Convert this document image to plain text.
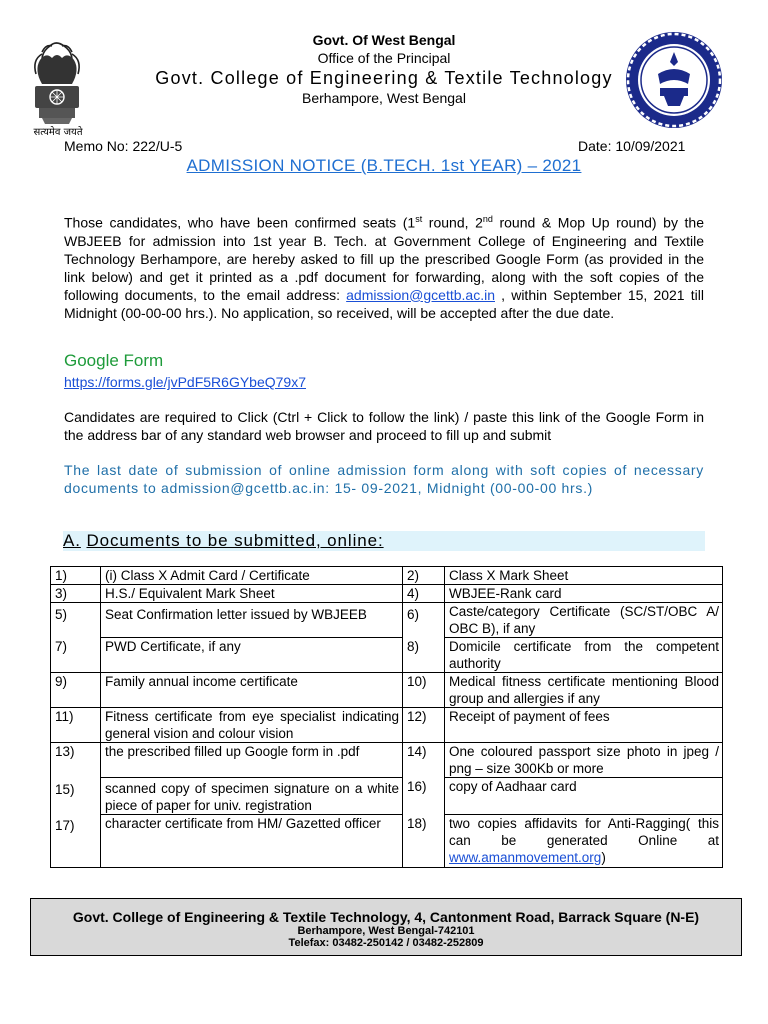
Govt. Of West Bengal
Office of the Principal
Govt. College of Engineering & Textile Technology
Berhampore, West Bengal
सत्यमेव जयते
Memo No: 222/U-5	Date: 10/09/2021
ADMISSION NOTICE (B.TECH. 1st YEAR) – 2021
Those candidates, who have been confirmed seats (1st round, 2nd round & Mop Up round) by the WBJEEB for admission into 1st year B. Tech. at Government College of Engineering and Textile Technology Berhampore, are hereby asked to fill up the prescribed Google Form (as provided in the link below) and get it printed as a .pdf document for forwarding, along with the soft copies of the following documents, to the email address: admission@gcettb.ac.in , within September 15, 2021 till Midnight (00-00-00 hrs.). No application, so received, will be accepted after the due date.
Google Form
https://forms.gle/jvPdF5R6GYbeQ79x7
Candidates are required to Click (Ctrl + Click to follow the link) / paste this link of the Google Form in the address bar of any standard web browser and proceed to fill up and submit
The last date of submission of online admission form along with soft copies of necessary documents to admission@gcettb.ac.in: 15- 09-2021, Midnight (00-00-00 hrs.)
A. Documents to be submitted, online:
1)	(i) Class X Admit Card / Certificate	2)	Class X Mark Sheet
3)	H.S./ Equivalent Mark Sheet	4)	WBJEE-Rank card
5)	Seat Confirmation letter issued by WBJEEB	6)	Caste/category Certificate (SC/ST/OBC A/ OBC B), if any
7)	PWD Certificate, if any	8)	Domicile certificate from the competent authority
9)	Family annual income certificate	10)	Medical fitness certificate mentioning Blood group and allergies if any
11)	Fitness certificate from eye specialist indicating general vision and colour vision	12)	Receipt of payment of fees
13)	the prescribed filled up Google form in .pdf	14)	One coloured passport size photo in jpeg / png – size 300Kb or more
15)	scanned copy of specimen signature on a white piece of paper for univ. registration	16)	copy of Aadhaar card
17)	character certificate from HM/ Gazetted officer	18)	two copies affidavits for Anti-Ragging( this can be generated Online at www.amanmovement.org)
Govt. College of Engineering & Textile Technology, 4, Cantonment Road, Barrack Square (N-E)
Berhampore, West Bengal-742101
Telefax: 03482-250142 / 03482-252809
